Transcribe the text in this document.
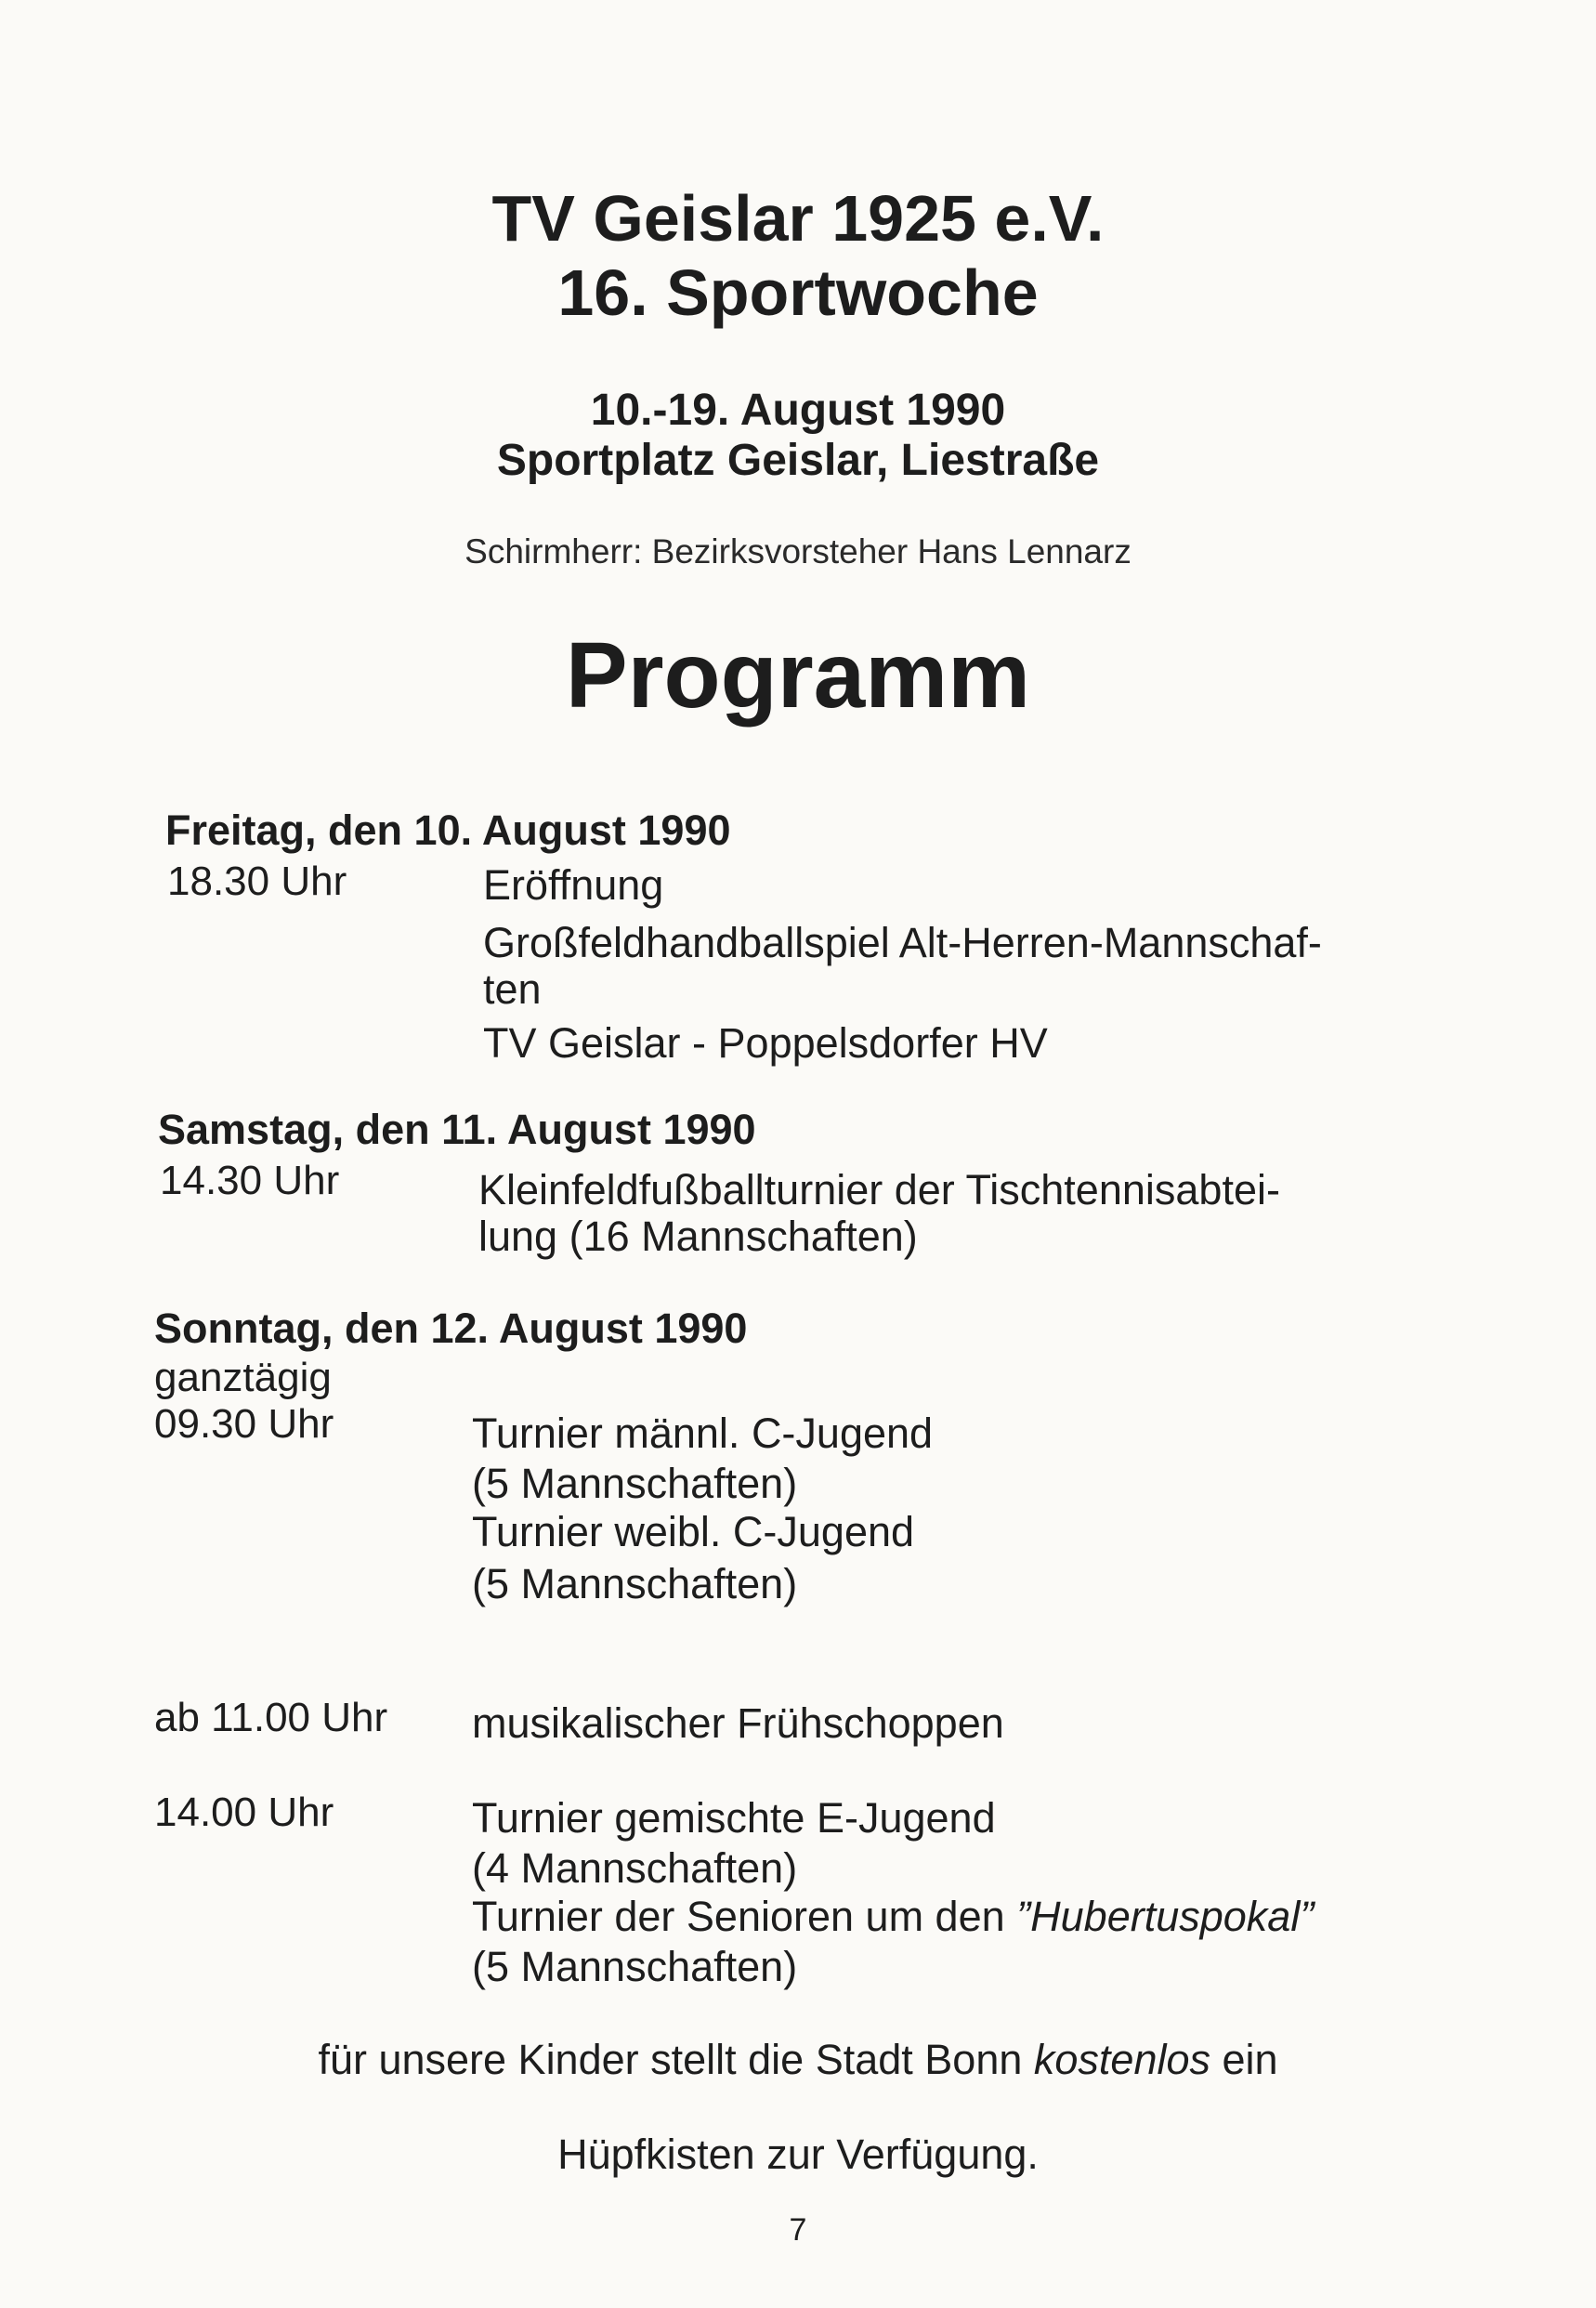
TV Geislar 1925 e.V.
16. Sportwoche
10.-19. August 1990
Sportplatz Geislar, Liestraße
Schirmherr: Bezirksvorsteher Hans Lennarz
Programm
Freitag, den 10. August 1990
18.30 Uhr	Eröffnung
Großfeldhandballspiel Alt-Herren-Mannschaf-
ten
TV Geislar - Poppelsdorfer HV
Samstag, den 11. August 1990
14.30 Uhr	Kleinfeldfußballturnier der Tischtennisabtei-
lung (16 Mannschaften)
Sonntag, den 12. August 1990
ganztägig
09.30 Uhr	Turnier männl. C-Jugend
(5 Mannschaften)
Turnier weibl. C-Jugend
(5 Mannschaften)
ab 11.00 Uhr musikalischer Frühschoppen
14.00 Uhr	Turnier gemischte E-Jugend
(4 Mannschaften)
Turnier der Senioren um den ”Hubertuspokal”
(5 Mannschaften)
für unsere Kinder stellt die Stadt Bonn kostenlos ein
Hüpfkisten zur Verfügung.
7
